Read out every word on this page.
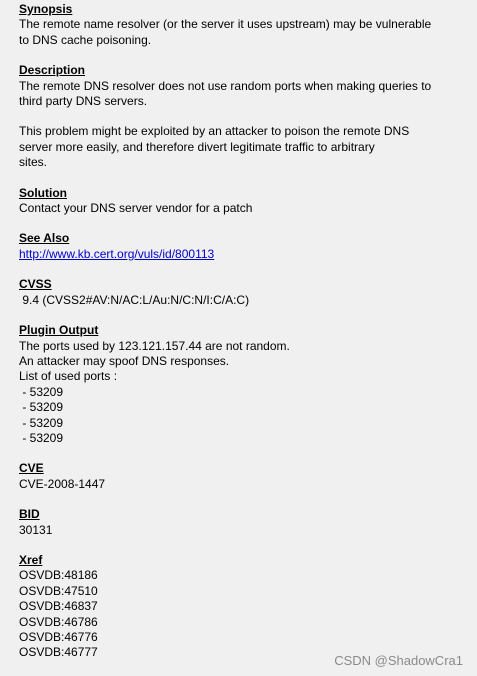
Synopsis
The remote name resolver (or the server it uses upstream) may be vulnerable
to DNS cache poisoning.
Description
The remote DNS resolver does not use random ports when making queries to
third party DNS servers.
This problem might be exploited by an attacker to poison the remote DNS
server more easily, and therefore divert legitimate traffic to arbitrary
sites.
Solution
Contact your DNS server vendor for a patch
See Also
http://www.kb.cert.org/vuls/id/800113
CVSS
9.4 (CVSS2#AV:N/AC:L/Au:N/C:N/I:C/A:C)
Plugin Output
The ports used by 123.121.157.44 are not random.
An attacker may spoof DNS responses.
List of used ports :
- 53209
- 53209
- 53209
- 53209
CVE
CVE-2008-1447
BID
30131
Xref
OSVDB:48186
OSVDB:47510
OSVDB:46837
OSVDB:46786
OSVDB:46776
OSVDB:46777
CSDN @ShadowCra1
